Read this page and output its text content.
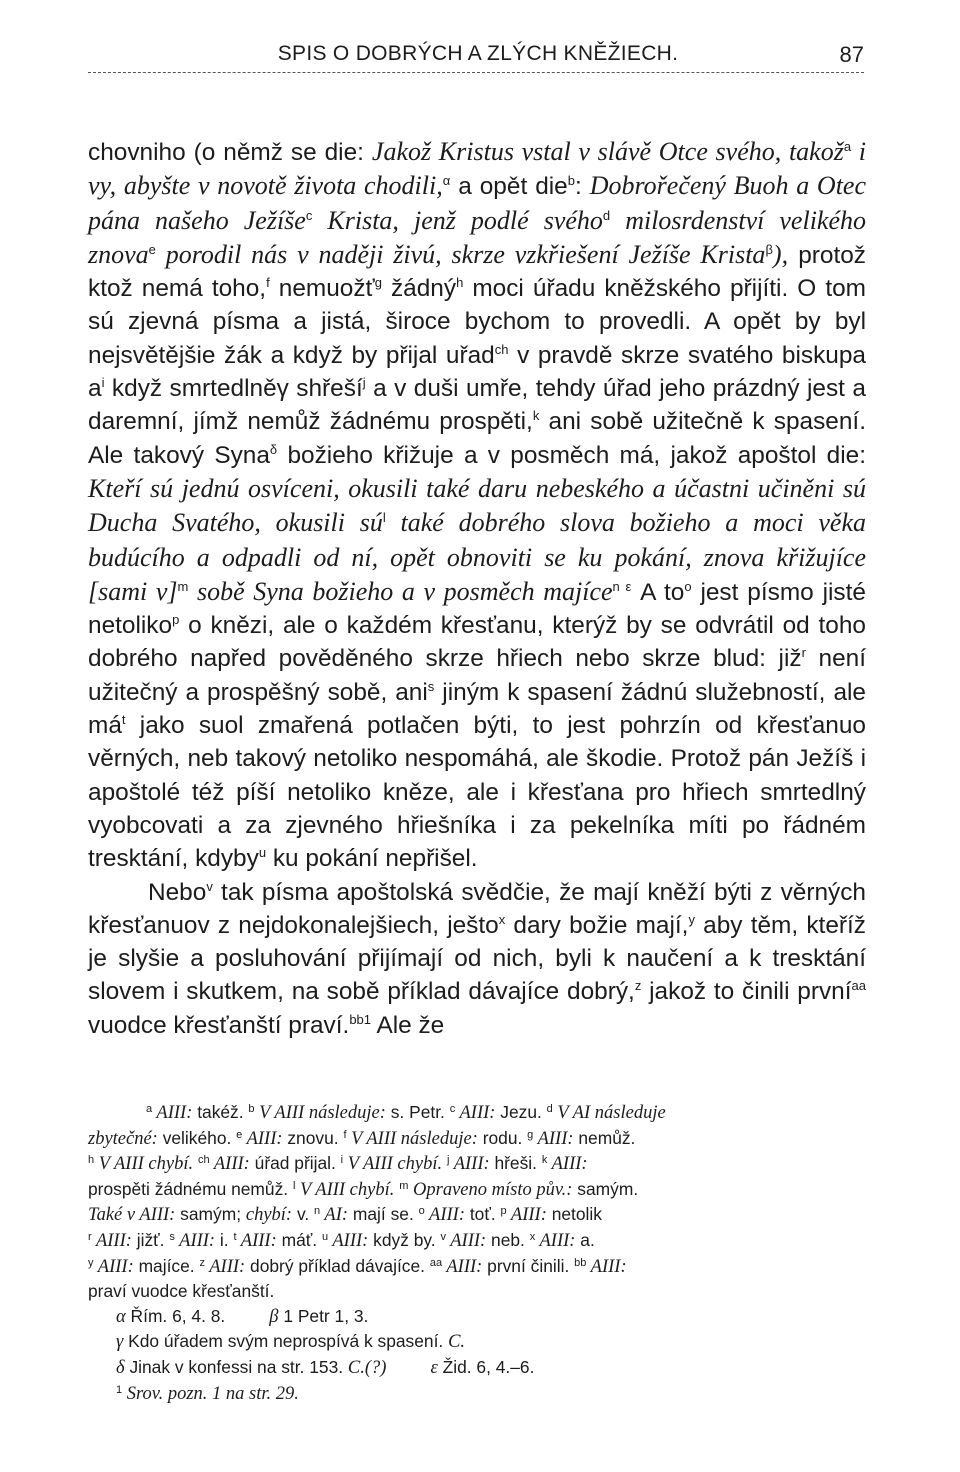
SPIS O DOBRÝCH A ZLÝCH KNĚŽIECH.	87

chovniho (o němž se die: Jakož Kristus vstal v slávě Otce svého, takož$^a$ i vy, abyšte v novotě života chodili,$^\alpha$ a opět die$^b$: Dobrořečený Buoh a Otec pána našeho Ježíše$^c$ Krista, jenž podlé svého$^d$ milosrdenství velikého znova$^e$ porodil nás v naději živú, skrze vzkřiešení Ježíše Krista$^\beta$), protož ktož nemá toho,$^f$ nemuožť$^g$ žádný$^h$ moci úřadu kněžského přijíti. O tom sú zjevná písma a jistá, široce bychom to provedli. A opět by byl nejsvětějšie žák a když by přijal uřad$^{ch}$ v pravdě skrze svatého biskupa $a^i$ když smrtedlněγ shřeší$^j$ a v duši umře, tehdy úřad jeho prázdný jest a daremní, jímž nemůž žádnému prospěti,$^k$ ani sobě užitečně k spasení. Ale takový Syna$^\delta$ božieho křižuje a v posměch má, jakož apoštol die: Kteří sú jednú osvíceni, okusili také daru nebeského a účastni učiněni sú Ducha Svatého, okusili $sú^l$ také dobrého slova božieho a moci věka budúcího a odpadli od ní, opět obnoviti se ku pokání, znova křižujíce [sami v]$^m$ sobě Syna božieho a v posměch majíce$^{n \varepsilon}$ A $to^o$ jest písmo jisté netoliko$^p$ o knězi, ale o každém křesťanu, kterýž by se odvrátil od toho dobrého napřed pověděného skrze hřiech nebo skrze blud: již$^r$ není užitečný a prospěšný sobě, ani$^s$ jiným k spasení žádnú služebností, ale $má^t$ jako suol zmařená potlačen býti, to jest pohrzín od křesťanuo věrných, neb takový netoliko nespomáhá, ale škodie. Protož pán Ježíš i apoštolé též píší netoliko kněze, ale i křesťana pro hřiech smrtedlný vyobcovati a za zjevného hřiešníka i za pekelníka míti po řádném tresktání, kdyby$^u$ ku pokání nepřišel.

Nebo$^v$ tak písma apoštolská svědčie, že mají kněží býti z věrných křesťanuov z nejdokonalejšiech, ješto$^x$ dary božie mají,$^y$ aby těm, kteříž je slyšie a posluhování přijímají od nich, byli k naučení a k tresktání slovem i skutkem, na sobě příklad dávajíce dobrý,$^z$ jakož to činili první$^{aa}$ vuodce křesťanští praví.$^{bb1}$ Ale že

$^a$ AIII: takéž. $^b$ V AIII následuje: s. Petr. $^c$ AIII: Jezu. $^d$ V AI následuje
zbytečné: velikého. $^e$ AIII: znovu. $^f$ V AIII následuje: rodu. $^g$ AIII: nemůž.
$^h$ V AIII chybí. $^{ch}$ AIII: úřad přijal. $^i$ V AIII chybí. $^j$ AIII: hřeši. $^k$ AIII:
prospěti žádnému nemůž. $^l$ V AIII chybí. $^m$ Opraveno místo pův.: samým.
Také v AIII: samým; chybí: v. $^n$ AI: mají se. $^o$ AIII: toť. $^p$ AIII: netolik
$^r$ AIII: jižť. $^s$ AIII: i. $^t$ AIII: máť. $^u$ AIII: když by. $^v$ AIII: neb. $^x$ AIII: a.
$^y$ AIII: majíce. $^z$ AIII: dobrý příklad dávajíce. $^{aa}$ AIII: první činili. $^{bb}$ AIII:
praví vuodce křesťanští.
α Řím. 6, 4. 8. β 1 Petr 1, 3.
γ Kdo úřadem svým neprospívá k spasení. C.
δ Jinak v konfessi na str. 153. C.(?) ε Žid. 6, 4.–6.
$^1$ Srov. pozn. 1 na str. 29.
